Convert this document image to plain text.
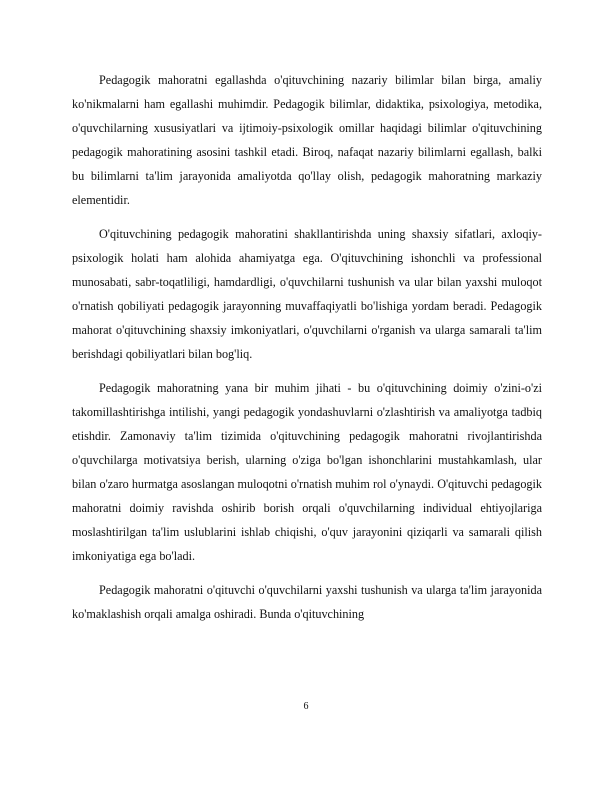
Pedagogik mahoratni egallashda o'qituvchining nazariy bilimlar bilan birga, amaliy ko'nikmalarni ham egallashi muhimdir. Pedagogik bilimlar, didaktika, psixologiya, metodika, o'quvchilarning xususiyatlari va ijtimoiy-psixologik omillar haqidagi bilimlar o'qituvchining pedagogik mahoratining asosini tashkil etadi. Biroq, nafaqat nazariy bilimlarni egallash, balki bu bilimlarni ta'lim jarayonida amaliyotda qo'llay olish, pedagogik mahoratning markaziy elementidir.

O'qituvchining pedagogik mahoratini shakllantirishda uning shaxsiy sifatlari, axloqiy-psixologik holati ham alohida ahamiyatga ega. O'qituvchining ishonchli va professional munosabati, sabr-toqatliligi, hamdardligi, o'quvchilarni tushunish va ular bilan yaxshi muloqot o'rnatish qobiliyati pedagogik jarayonning muvaffaqiyatli bo'lishiga yordam beradi. Pedagogik mahorat o'qituvchining shaxsiy imkoniyatlari, o'quvchilarni o'rganish va ularga samarali ta'lim berishdagi qobiliyatlari bilan bog'liq.

Pedagogik mahoratning yana bir muhim jihati - bu o'qituvchining doimiy o'zini-o'zi takomillashtirishga intilishi, yangi pedagogik yondashuvlarni o'zlashtirish va amaliyotga tadbiq etishdir. Zamonaviy ta'lim tizimida o'qituvchining pedagogik mahoratni rivojlantirishda o'quvchilarga motivatsiya berish, ularning o'ziga bo'lgan ishonchlarini mustahkamlash, ular bilan o'zaro hurmatga asoslangan muloqotni o'rnatish muhim rol o'ynaydi. O'qituvchi pedagogik mahoratni doimiy ravishda oshirib borish orqali o'quvchilarning individual ehtiyojlariga moslashtirilgan ta'lim uslublarini ishlab chiqishi, o'quv jarayonini qiziqarli va samarali qilish imkoniyatiga ega bo'ladi.

Pedagogik mahoratni o'qituvchi o'quvchilarni yaxshi tushunish va ularga ta'lim jarayonida ko'maklashish orqali amalga oshiradi. Bunda o'qituvchining

6
